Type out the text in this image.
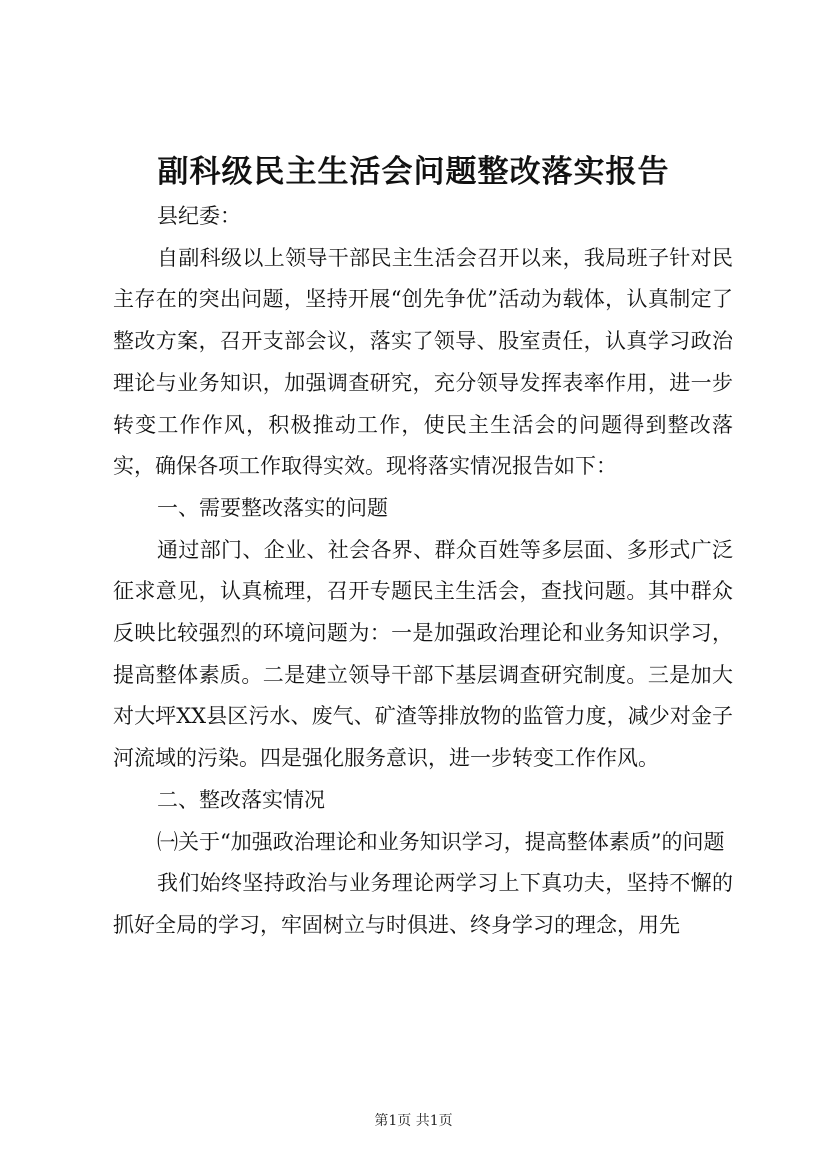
副科级民主生活会问题整改落实报告

县纪委：

自副科级以上领导干部民主生活会召开以来，我局班子针对民主存在的突出问题，坚持开展“创先争优”活动为载体，认真制定了整改方案，召开支部会议，落实了领导、股室责任，认真学习政治理论与业务知识，加强调查研究，充分领导发挥表率作用，进一步转变工作作风，积极推动工作，使民主生活会的问题得到整改落实，确保各项工作取得实效。现将落实情况报告如下：

一、需要整改落实的问题

通过部门、企业、社会各界、群众百姓等多层面、多形式广泛征求意见，认真梳理，召开专题民主生活会，查找问题。其中群众反映比较强烈的环境问题为：一是加强政治理论和业务知识学习，提高整体素质。二是建立领导干部下基层调查研究制度。三是加大对大坪XX县区污水、废气、矿渣等排放物的监管力度，减少对金子河流域的污染。四是强化服务意识，进一步转变工作作风。

二、整改落实情况

㈠关于“加强政治理论和业务知识学习，提高整体素质”的问题

我们始终坚持政治与业务理论两学习上下真功夫，坚持不懈的抓好全局的学习，牢固树立与时俱进、终身学习的理念，用先

第1页 共1页
